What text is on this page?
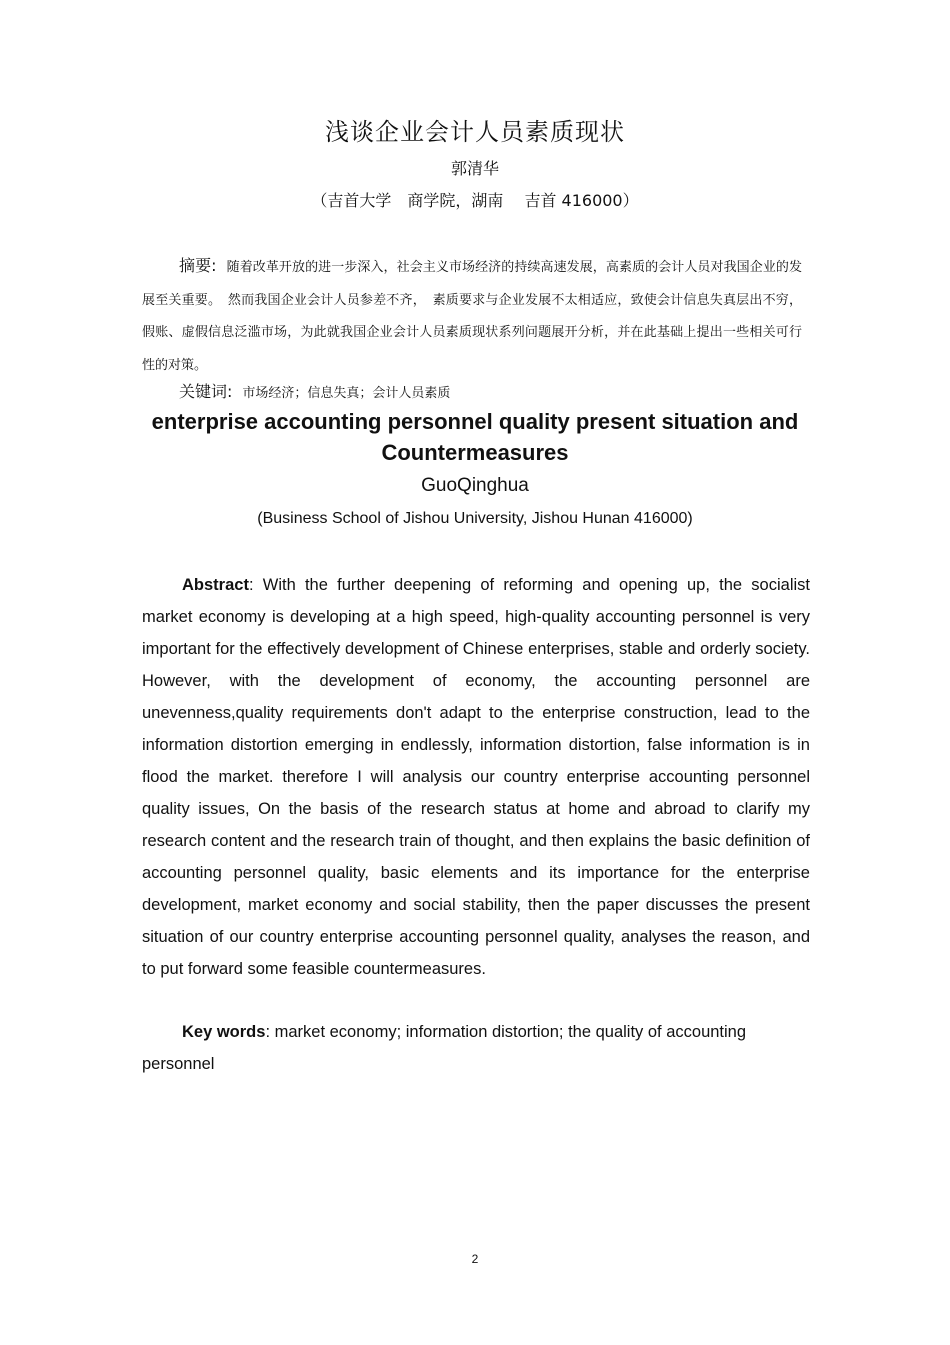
浅谈企业会计人员素质现状
郭清华
（吉首大学　商学院，湖南　 吉首 416000）
摘要: 随着改革开放的进一步深入，社会主义市场经济的持续高速发展，高素质的会计人员对我国企业的发展至关重要。　然而我国企业会计人员参差不齐，　素质要求与企业发展不太相适应，致使会计信息失真层出不穷，假账、虚假信息泛滥市场，为此就我国企业会计人员素质现状系列问题展开分析，并在此基础上提出一些相关可行性的对策。
关键词: 市场经济；信息失真；会计人员素质
enterprise accounting personnel quality present situation and Countermeasures
GuoQinghua
(Business School of Jishou University, Jishou Hunan 416000)

Abstract: With the further deepening of reforming and opening up, the socialist market economy is developing at a high speed, high-quality accounting personnel is very important for the effectively development of Chinese enterprises, stable and orderly society. However, with the development of economy, the accounting personnel are unevenness,quality requirements don't adapt to the enterprise construction, lead to the information distortion emerging in endlessly, information distortion, false information is in flood the market. therefore I will analysis our country enterprise accounting personnel quality issues, On the basis of the research status at home and abroad to clarify my research content and the research train of thought, and then explains the basic definition of accounting personnel quality, basic elements and its importance for the enterprise development, market economy and social stability, then the paper discusses the present situation of our country enterprise accounting personnel quality, analyses the reason, and to put forward some feasible countermeasures.

Key words: market economy; information distortion; the quality of accounting personnel

2
